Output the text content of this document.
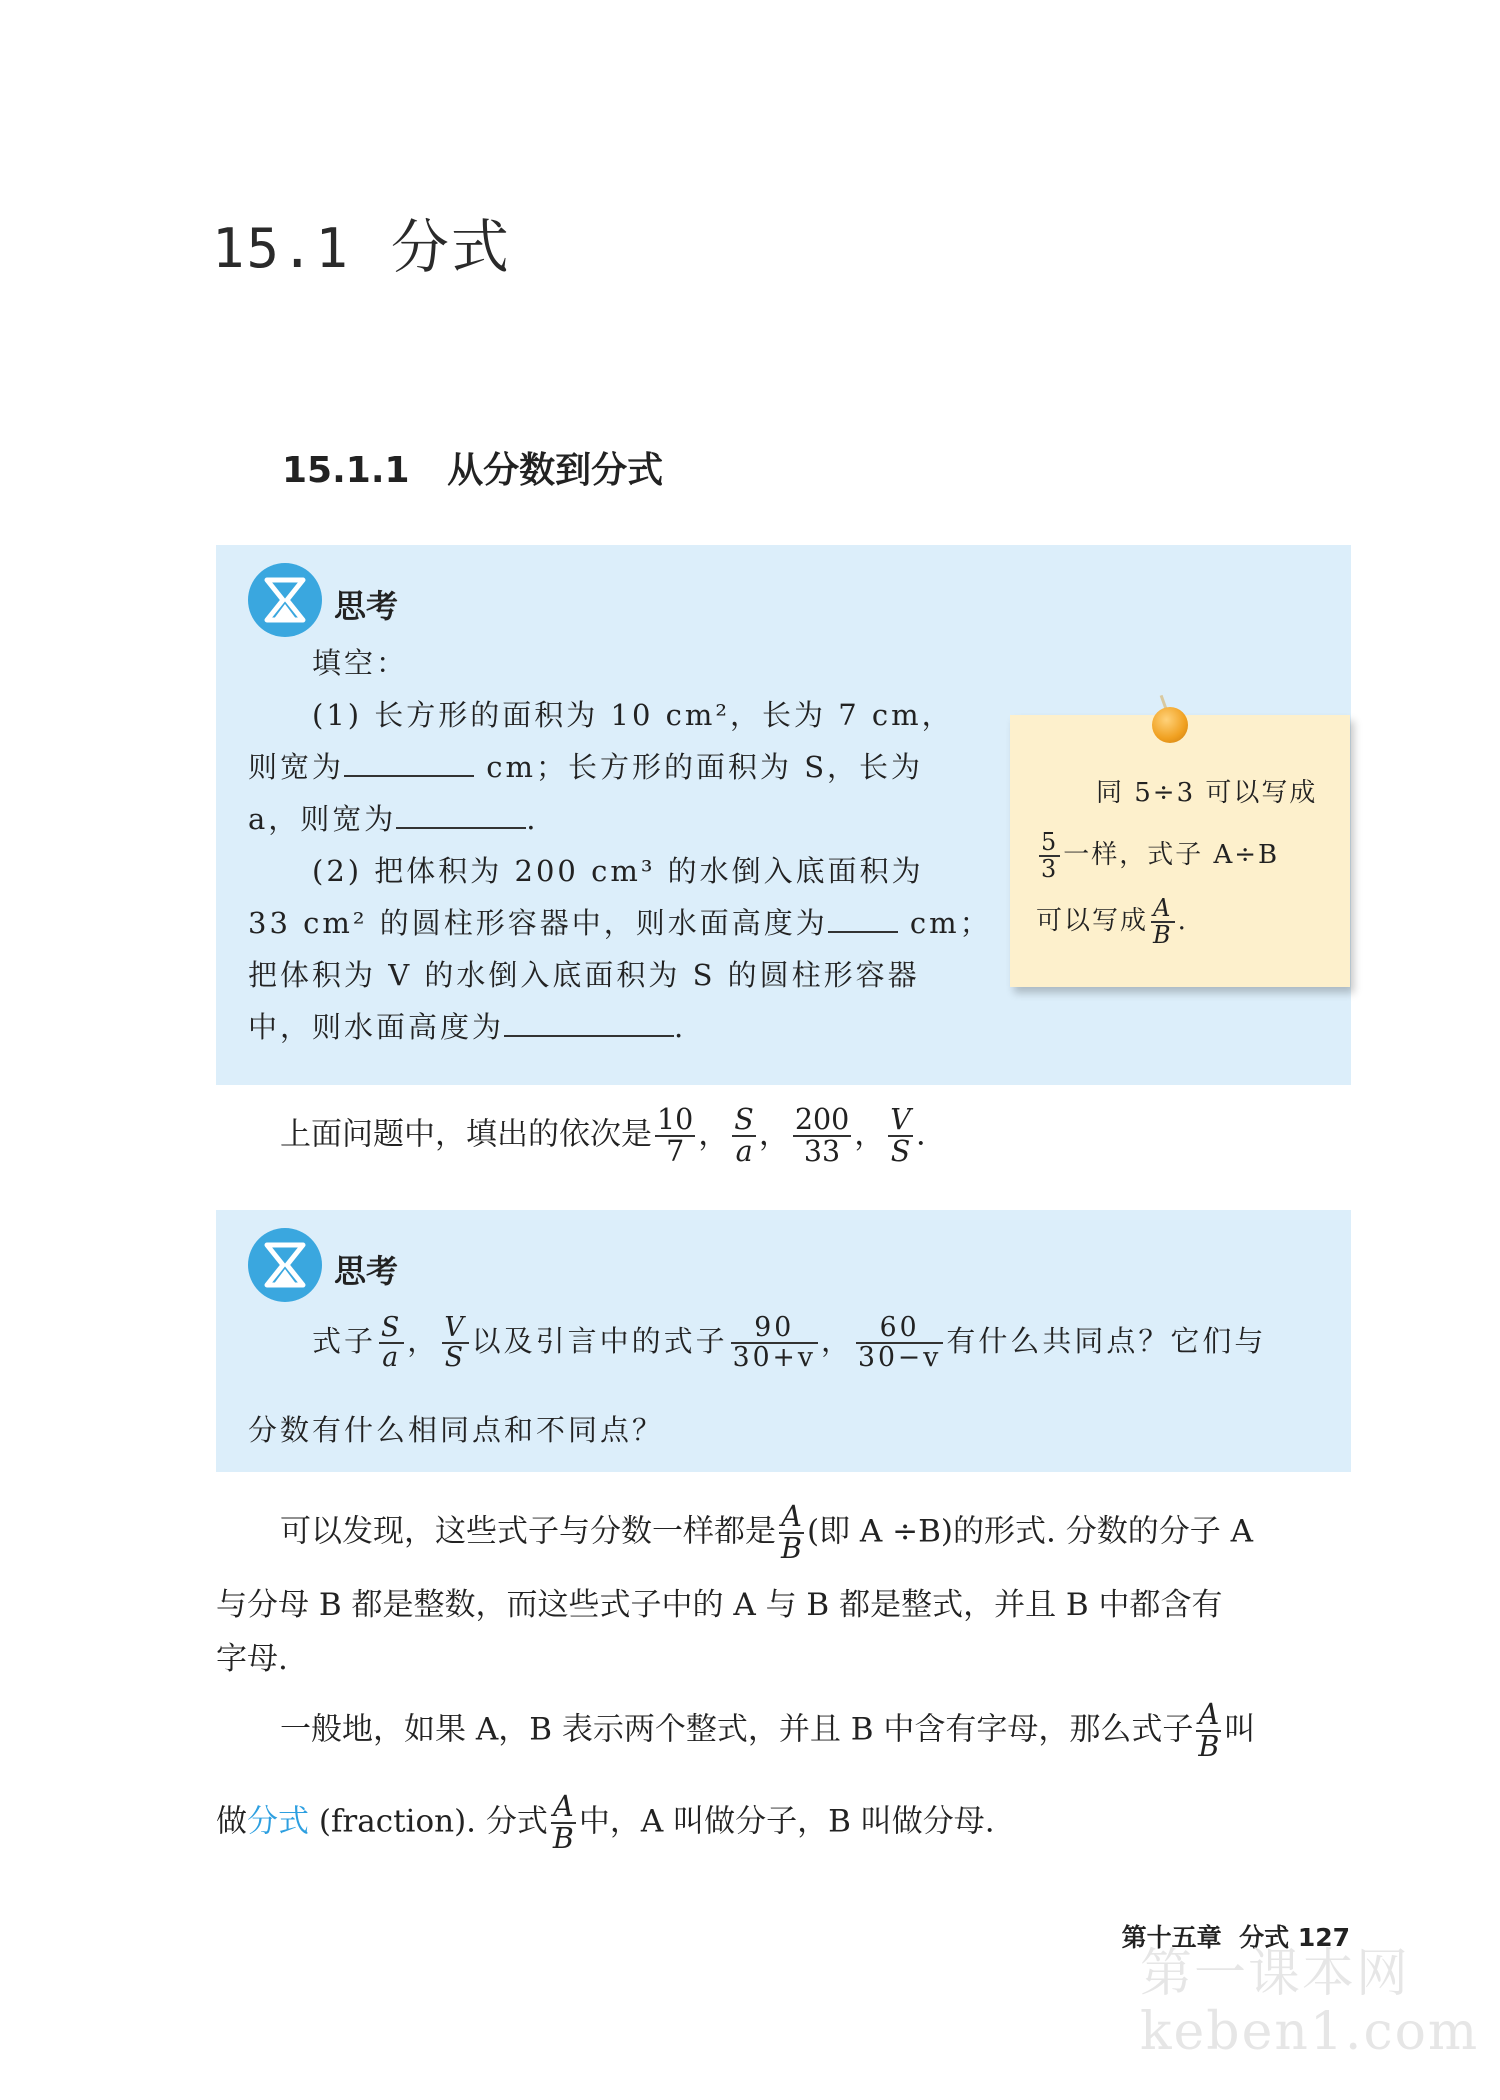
15.1 分式
15.1.1 从分数到分式
思考
填空：
(1) 长方形的面积为 10 cm²，长为 7 cm，
则宽为	cm；长方形的面积为 S，长为
a，则宽为	.
(2) 把体积为 200 cm³ 的水倒入底面积为
33 cm² 的圆柱形容器中，则水面高度为 cm；
把体积为 V 的水倒入底面积为 S 的圆柱形容器
中，则水面高度为	.
同 5÷3 可以写成
$\frac{5}{3}$ 一样，式子 A÷B
可以写成 $\frac{A}{B}$ .
上面问题中，填出的依次是 $\frac{10}{7}$ ， $\frac{S}{a}$ ， $\frac{200}{33}$ ， $\frac{V}{S}$ .
思考
式子 $\frac{S}{a}$ ， $\frac{V}{S}$ 以及引言中的式子 $\frac{90}{30+v}$ ， $\frac{60}{30-v}$ 有什么共同点？它们与
分数有什么相同点和不同点？
可以发现，这些式子与分数一样都是 $\frac{A}{B}$ (即 A ÷B)的形式. 分数的分子 A
与分母 B 都是整数，而这些式子中的 A 与 B 都是整式，并且 B 中都含有
字母.
一般地，如果 A，B 表示两个整式，并且 B 中含有字母，那么式子 $\frac{A}{B}$ 叫
做分式 (fraction). 分式 $\frac{A}{B}$ 中，A 叫做分子，B 叫做分母.
第十五章 分式 127
第一课本网
keben1.com
